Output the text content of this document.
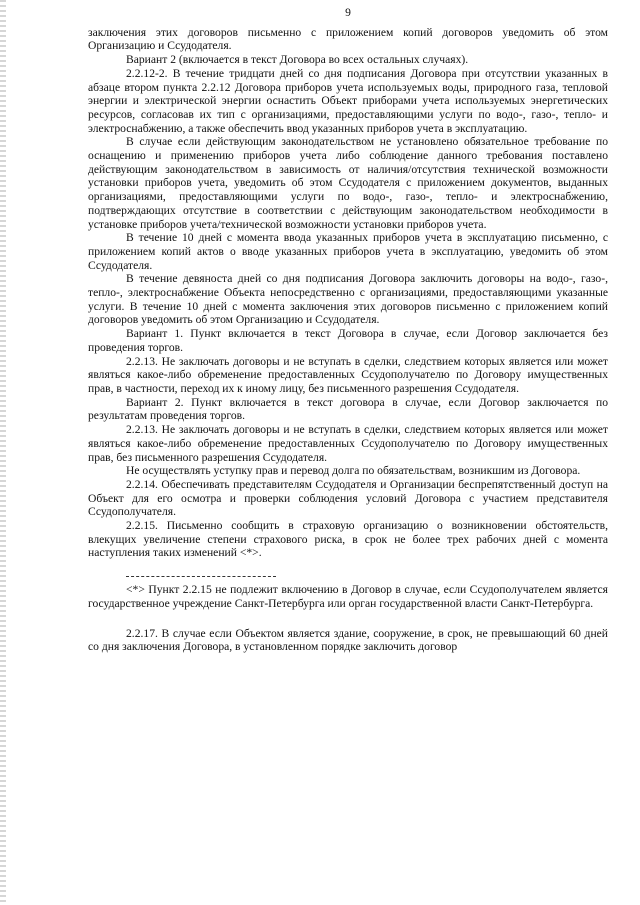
9

заключения этих договоров письменно с приложением копий договоров уведомить об этом Организацию и Ссудодателя.

Вариант 2 (включается в текст Договора во всех остальных случаях).

2.2.12-2. В течение тридцати дней со дня подписания Договора при отсутствии указанных в абзаце втором пункта 2.2.12 Договора приборов учета используемых воды, природного газа, тепловой энергии и электрической энергии оснастить Объект приборами учета используемых энергетических ресурсов, согласовав их тип с организациями, предоставляющими услуги по водо-, газо-, тепло- и электроснабжению, а также обеспечить ввод указанных приборов учета в эксплуатацию.

В случае если действующим законодательством не установлено обязательное требование по оснащению и применению приборов учета либо соблюдение данного требования поставлено действующим законодательством в зависимость от наличия/отсутствия технической возможности установки приборов учета, уведомить об этом Ссудодателя с приложением документов, выданных организациями, предоставляющими услуги по водо-, газо-, тепло- и электроснабжению, подтверждающих отсутствие в соответствии с действующим законодательством необходимости в установке приборов учета/технической возможности установки приборов учета.

В течение 10 дней с момента ввода указанных приборов учета в эксплуатацию письменно, с приложением копий актов о вводе указанных приборов учета в эксплуатацию, уведомить об этом Ссудодателя.

В течение девяноста дней со дня подписания Договора заключить договоры на водо-, газо-, тепло-, электроснабжение Объекта непосредственно с организациями, предоставляющими указанные услуги. В течение 10 дней с момента заключения этих договоров письменно с приложением копий договоров уведомить об этом Организацию и Ссудодателя.

Вариант 1. Пункт включается в текст Договора в случае, если Договор заключается без проведения торгов.

2.2.13. Не заключать договоры и не вступать в сделки, следствием которых является или может являться какое-либо обременение предоставленных Ссудополучателю по Договору имущественных прав, в частности, переход их к иному лицу, без письменного разрешения Ссудодателя.

Вариант 2. Пункт включается в текст договора в случае, если Договор заключается по результатам проведения торгов.

2.2.13. Не заключать договоры и не вступать в сделки, следствием которых является или может являться какое-либо обременение предоставленных Ссудополучателю по Договору имущественных прав, без письменного разрешения Ссудодателя.

Не осуществлять уступку прав и перевод долга по обязательствам, возникшим из Договора.

2.2.14. Обеспечивать представителям Ссудодателя и Организации беспрепятственный доступ на Объект для его осмотра и проверки соблюдения условий Договора с участием представителя Ссудополучателя.

2.2.15. Письменно сообщить в страховую организацию о возникновении обстоятельств, влекущих увеличение степени страхового риска, в срок не более трех рабочих дней с момента наступления таких изменений <*>.

<*> Пункт 2.2.15 не подлежит включению в Договор в случае, если Ссудополучателем является государственное учреждение Санкт-Петербурга или орган государственной власти Санкт-Петербурга.

2.2.17. В случае если Объектом является здание, сооружение, в срок, не превышающий 60 дней со дня заключения Договора, в установленном порядке заключить договор
